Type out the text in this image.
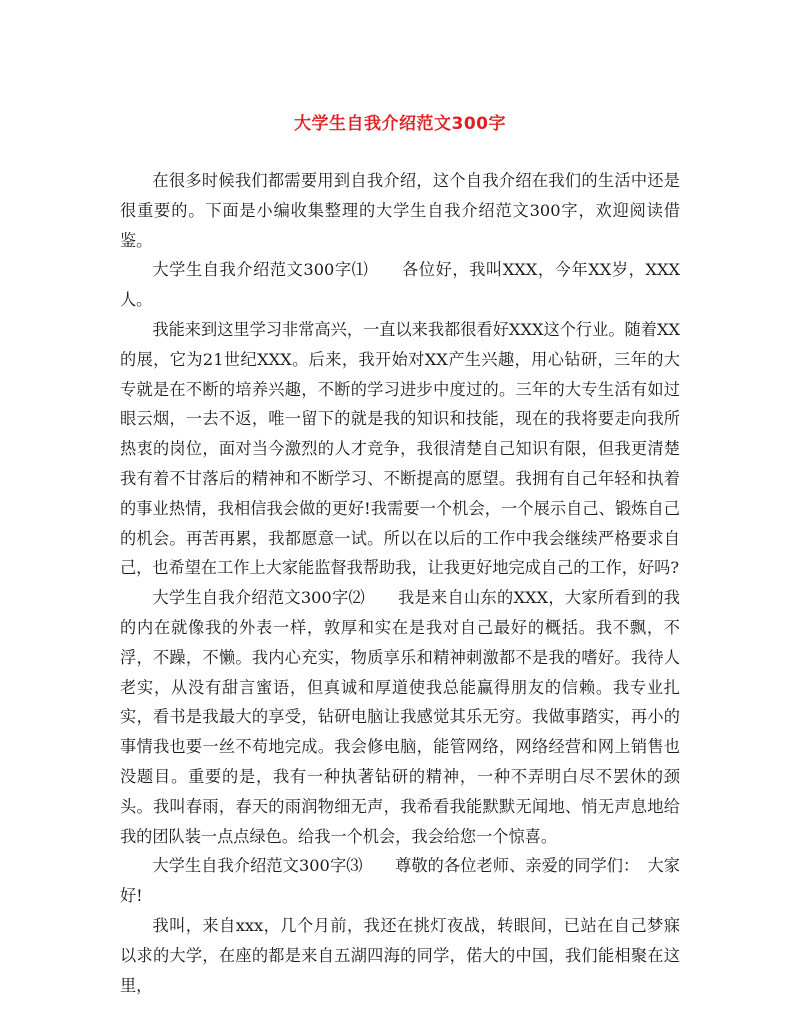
大学生自我介绍范文300字

在很多时候我们都需要用到自我介绍，这个自我介绍在我们的生活中还是很重要的。下面是小编收集整理的大学生自我介绍范文300字，欢迎阅读借鉴。

大学生自我介绍范文300字⑴　　各位好，我叫XXX，今年XX岁，XXX人。

我能来到这里学习非常高兴，一直以来我都很看好XXX这个行业。随着XX的展，它为21世纪XXX。后来，我开始对XX产生兴趣，用心钻研，三年的大专就是在不断的培养兴趣，不断的学习进步中度过的。三年的大专生活有如过眼云烟，一去不返，唯一留下的就是我的知识和技能，现在的我将要走向我所热衷的岗位，面对当今激烈的人才竞争，我很清楚自己知识有限，但我更清楚我有着不甘落后的精神和不断学习、不断提高的愿望。我拥有自己年轻和执着的事业热情，我相信我会做的更好!我需要一个机会，一个展示自己、锻炼自己的机会。再苦再累，我都愿意一试。所以在以后的工作中我会继续严格要求自己，也希望在工作上大家能监督我帮助我，让我更好地完成自己的工作，好吗?

大学生自我介绍范文300字⑵　　我是来自山东的XXX，大家所看到的我的内在就像我的外表一样，敦厚和实在是我对自己最好的概括。我不飘，不浮，不躁，不懒。我内心充实，物质享乐和精神刺激都不是我的嗜好。我待人老实，从没有甜言蜜语，但真诚和厚道使我总能赢得朋友的信赖。我专业扎实，看书是我最大的享受，钻研电脑让我感觉其乐无穷。我做事踏实，再小的事情我也要一丝不苟地完成。我会修电脑，能管网络，网络经营和网上销售也没题目。重要的是，我有一种执著钻研的精神，一种不弄明白尽不罢休的颈头。我叫春雨，春天的雨润物细无声，我希看我能默默无闻地、悄无声息地给我的团队装一点点绿色。给我一个机会，我会给您一个惊喜。

大学生自我介绍范文300字⑶　　尊敬的各位老师、亲爱的同学们：　大家好!

我叫，来自xxx，几个月前，我还在挑灯夜战，转眼间，已站在自己梦寐以求的大学，在座的都是来自五湖四海的同学，偌大的中国，我们能相聚在这里，
